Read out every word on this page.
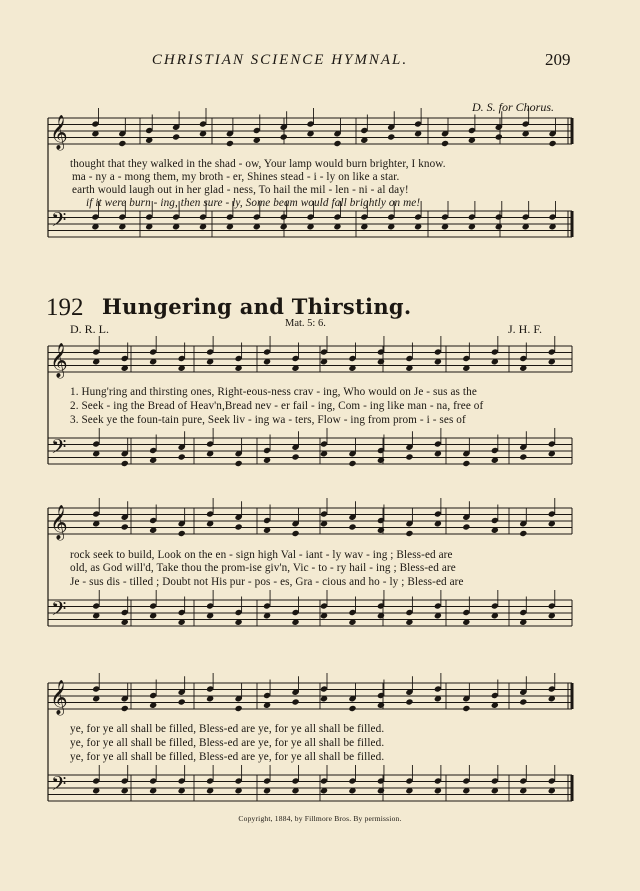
CHRISTIAN SCIENCE HYMNAL.	209
D. S. for Chorus.
𝄞
𝄢
𝄞
𝄢
𝄞
𝄢
𝄞
𝄢
thought that they walked in the shad - ow, Your lamp would burn brighter, I know.
ma - ny a - mong them, my broth - er, Shines stead - i - ly on like a star.
earth would laugh out in her glad - ness, To hail the mil - len - ni - al day!
if it were burn - ing, then sure - ly, Some beam would fall brightly on me!
192 Hungering and Thirsting.
Mat. 5: 6.
D. R. L.	J. H. F.
1. Hung'ring and thirsting ones, Right-eous-ness crav - ing, Who would on Je - sus as the
2. Seek - ing the Bread of Heav'n,Bread nev - er fail - ing, Com - ing like man - na, free of
3. Seek ye the foun-tain pure, Seek liv - ing wa - ters, Flow - ing from prom - i - ses of
rock seek to build, Look on the en - sign high Val - iant - ly wav - ing ; Bless-ed are
old, as God will'd, Take thou the prom-ise giv'n, Vic - to - ry hail - ing ; Bless-ed are
Je - sus dis - tilled ; Doubt not His pur - pos - es, Gra - cious and ho - ly ; Bless-ed are
ye, for ye all shall be filled, Bless-ed are ye, for ye all shall be filled.
ye, for ye all shall be filled, Bless-ed are ye, for ye all shall be filled.
ye, for ye all shall be filled, Bless-ed are ye, for ye all shall be filled.
Copyright, 1884, by Fillmore Bros. By permission.
